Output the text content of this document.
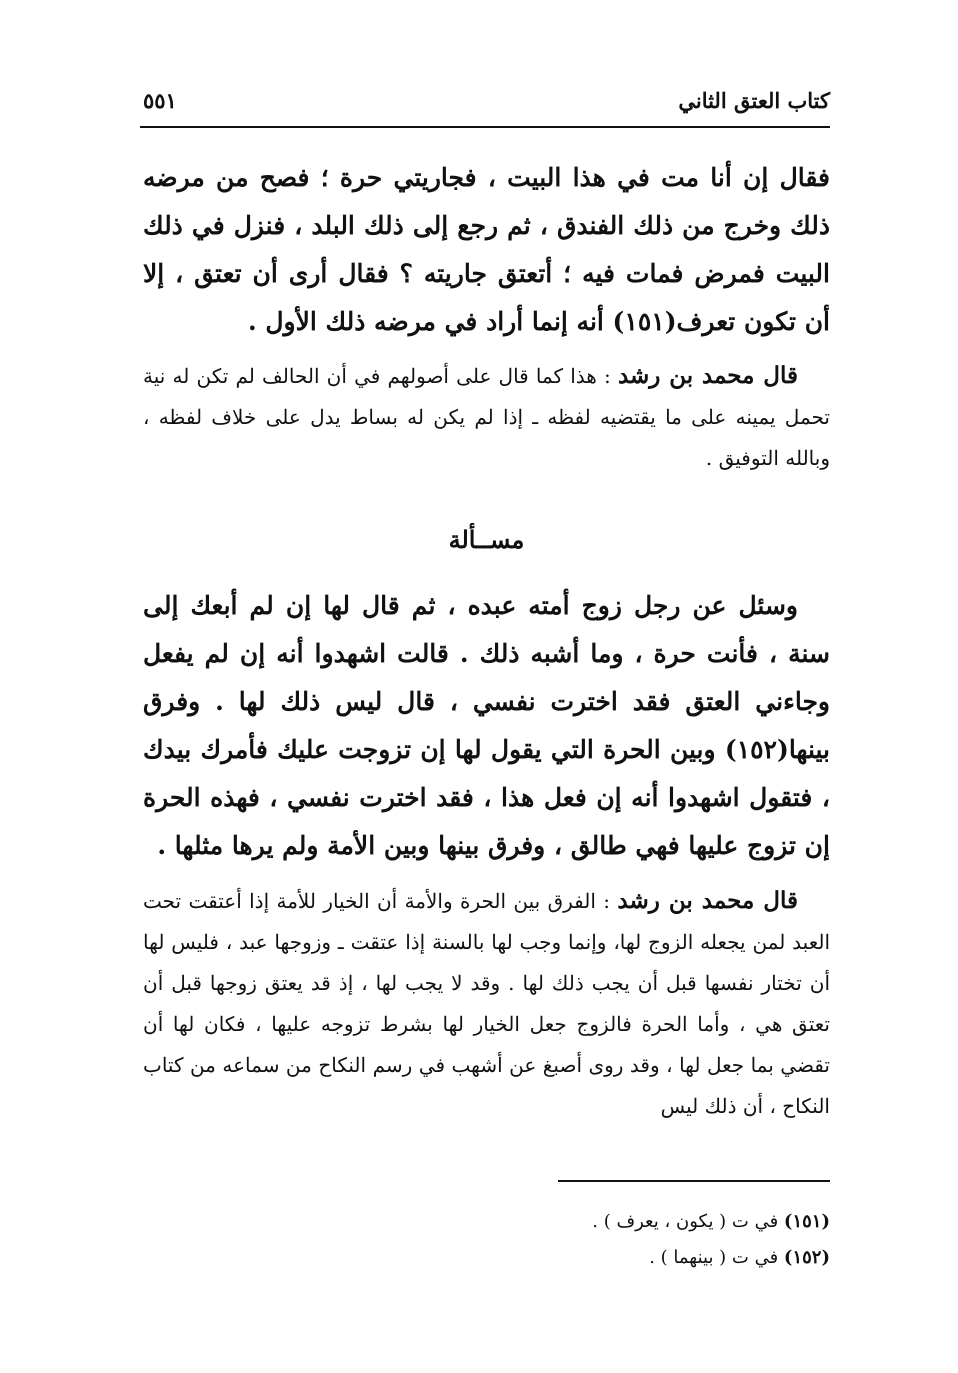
كتاب العتق الثاني
٥٥١

فقال إن أنا مت في هذا البيت ، فجاريتي حرة ؛ فصح من مرضه ذلك وخرج من ذلك الفندق ، ثم رجع إلى ذلك البلد ، فنزل في ذلك البيت فمرض فمات فيه ؛ أتعتق جاريته ؟ فقال أرى أن تعتق ، إلا أن تكون تعرف(١٥١) أنه إنما أراد في مرضه ذلك الأول .

قال محمد بن رشد : هذا كما قال على أصولهم في أن الحالف لم تكن له نية تحمل يمينه على ما يقتضيه لفظه ـ إذا لم يكن له بساط يدل على خلاف لفظه ، وبالله التوفيق .

مســألة

وسئل عن رجل زوج أمته عبده ، ثم قال لها إن لم أبعك إلى سنة ، فأنت حرة ، وما أشبه ذلك . قالت اشهدوا أنه إن لم يفعل وجاءني العتق فقد اخترت نفسي ، قال ليس ذلك لها . وفرق بينها(١٥٢) وبين الحرة التي يقول لها إن تزوجت عليك فأمرك بيدك ، فتقول اشهدوا أنه إن فعل هذا ، فقد اخترت نفسي ، فهذه الحرة إن تزوج عليها فهي طالق ، وفرق بينها وبين الأمة ولم يرها مثلها .

قال محمد بن رشد : الفرق بين الحرة والأمة أن الخيار للأمة إذا أعتقت تحت العبد لمن يجعله الزوج لها، وإنما وجب لها بالسنة إذا عتقت ـ وزوجها عبد ، فليس لها أن تختار نفسها قبل أن يجب ذلك لها . وقد لا يجب لها ، إذ قد يعتق زوجها قبل أن تعتق هي ، وأما الحرة فالزوج جعل الخيار لها بشرط تزوجه عليها ، فكان لها أن تقضي بما جعل لها ، وقد روى أصبغ عن أشهب في رسم النكاح من سماعه من كتاب النكاح ، أن ذلك ليس

(١٥١) في ت ( يكون ، يعرف ) .

(١٥٢) في ت ( بينهما ) .
